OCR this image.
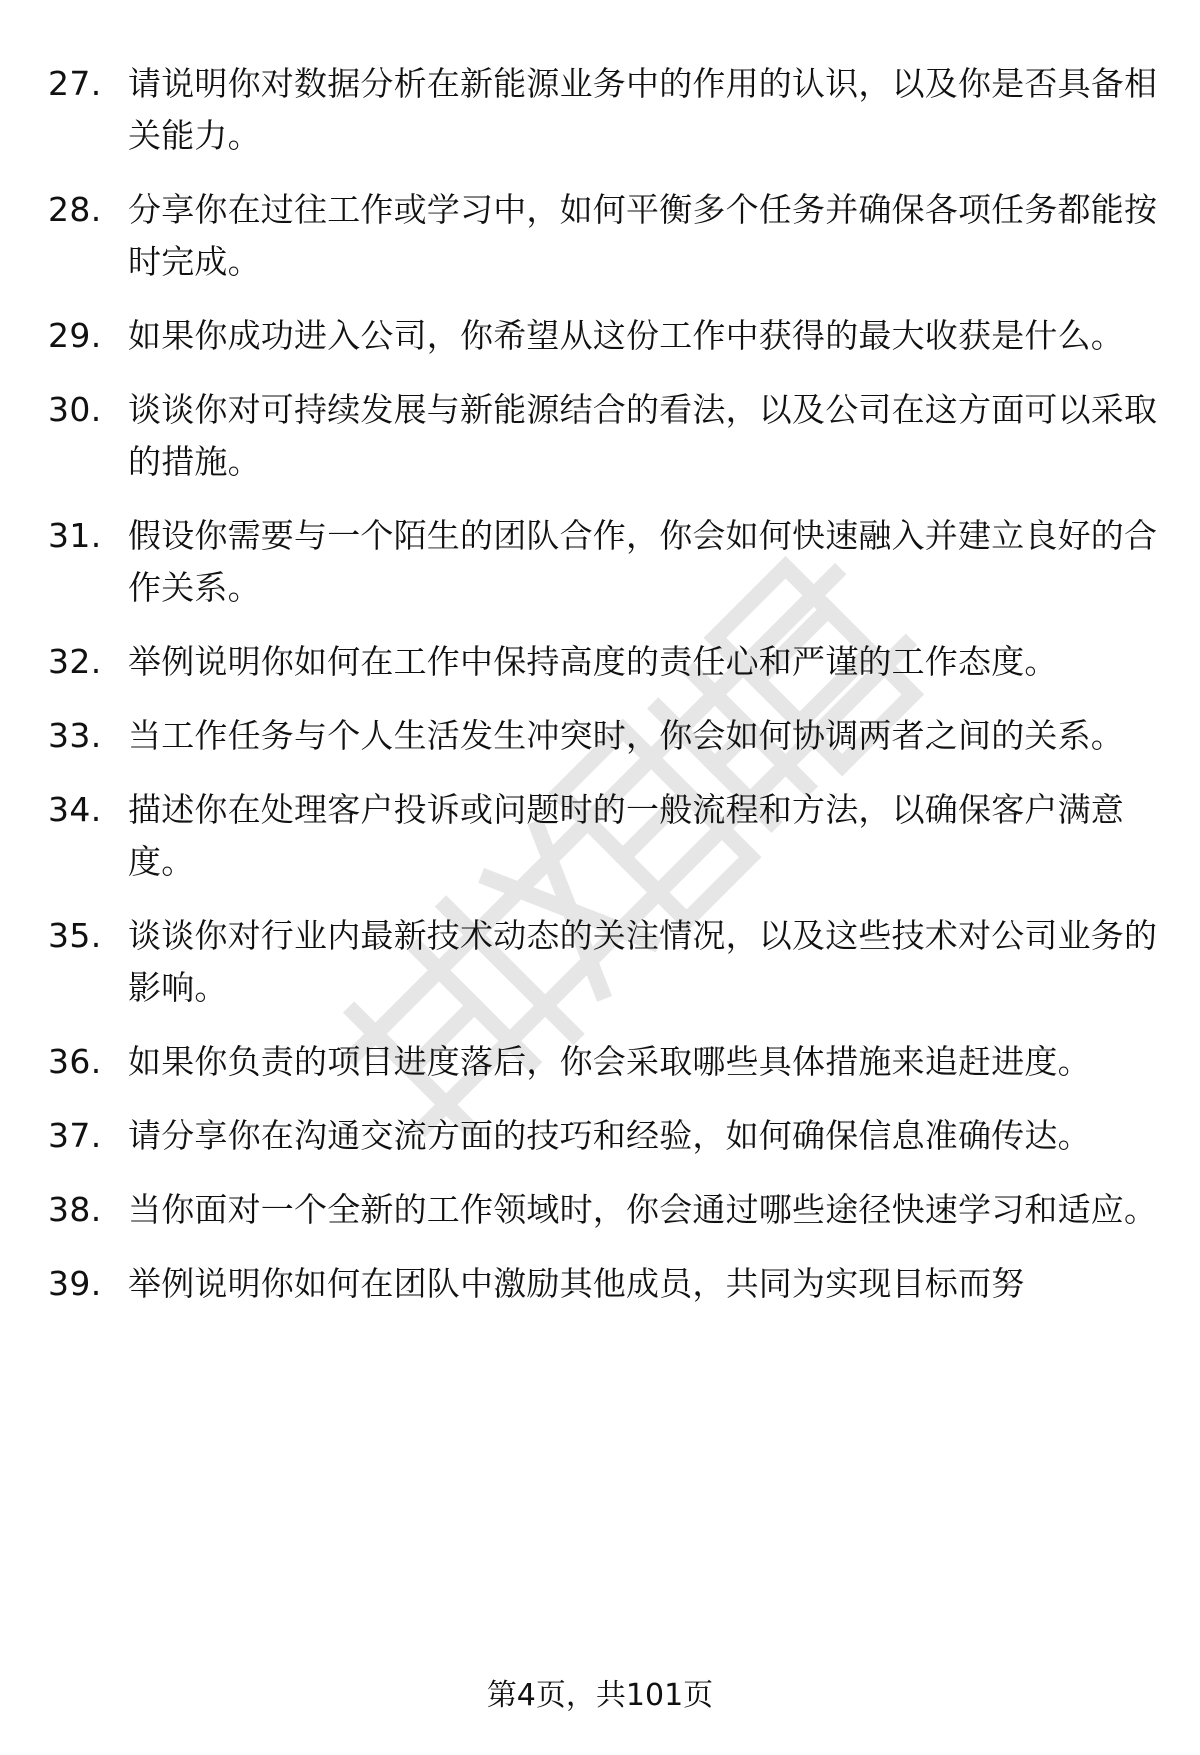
27. 请说明你对数据分析在新能源业务中的作用的认识，以及你是否具备相关能力。
28. 分享你在过往工作或学习中，如何平衡多个任务并确保各项任务都能按时完成。
29. 如果你成功进入公司，你希望从这份工作中获得的最大收获是什么。
30. 谈谈你对可持续发展与新能源结合的看法，以及公司在这方面可以采取的措施。
31. 假设你需要与一个陌生的团队合作，你会如何快速融入并建立良好的合作关系。
32. 举例说明你如何在工作中保持高度的责任心和严谨的工作态度。
33. 当工作任务与个人生活发生冲突时，你会如何协调两者之间的关系。
34. 描述你在处理客户投诉或问题时的一般流程和方法，以确保客户满意度。
35. 谈谈你对行业内最新技术动态的关注情况，以及这些技术对公司业务的影响。
36. 如果你负责的项目进度落后，你会采取哪些具体措施来追赶进度。
37. 请分享你在沟通交流方面的技巧和经验，如何确保信息准确传达。
38. 当你面对一个全新的工作领域时，你会通过哪些途径快速学习和适应。
39. 举例说明你如何在团队中激励其他成员，共同为实现目标而努
第4页，共101页
